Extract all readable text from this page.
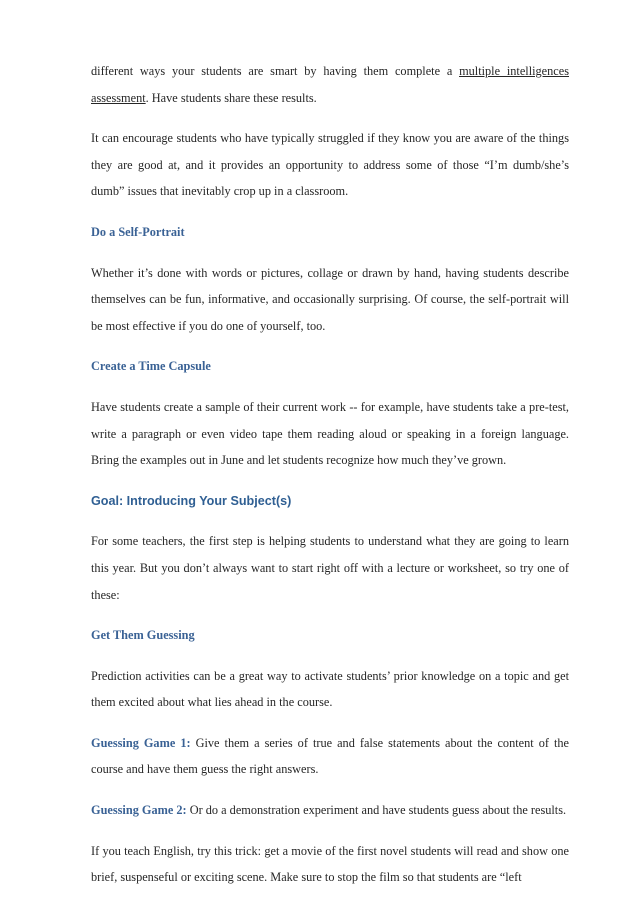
different ways your students are smart by having them complete a multiple intelligences assessment. Have students share these results.

It can encourage students who have typically struggled if they know you are aware of the things they are good at, and it provides an opportunity to address some of those “I’m dumb/she’s dumb” issues that inevitably crop up in a classroom.

Do a Self-Portrait

Whether it’s done with words or pictures, collage or drawn by hand, having students describe themselves can be fun, informative, and occasionally surprising. Of course, the self-portrait will be most effective if you do one of yourself, too.

Create a Time Capsule

Have students create a sample of their current work -- for example, have students take a pre-test, write a paragraph or even video tape them reading aloud or speaking in a foreign language. Bring the examples out in June and let students recognize how much they’ve grown.

Goal: Introducing Your Subject(s)

For some teachers, the first step is helping students to understand what they are going to learn this year. But you don’t always want to start right off with a lecture or worksheet, so try one of these:

Get Them Guessing

Prediction activities can be a great way to activate students’ prior knowledge on a topic and get them excited about what lies ahead in the course.

Guessing Game 1: Give them a series of true and false statements about the content of the course and have them guess the right answers.

Guessing Game 2: Or do a demonstration experiment and have students guess about the results.

If you teach English, try this trick: get a movie of the first novel students will read and show one brief, suspenseful or exciting scene. Make sure to stop the film so that students are “left
